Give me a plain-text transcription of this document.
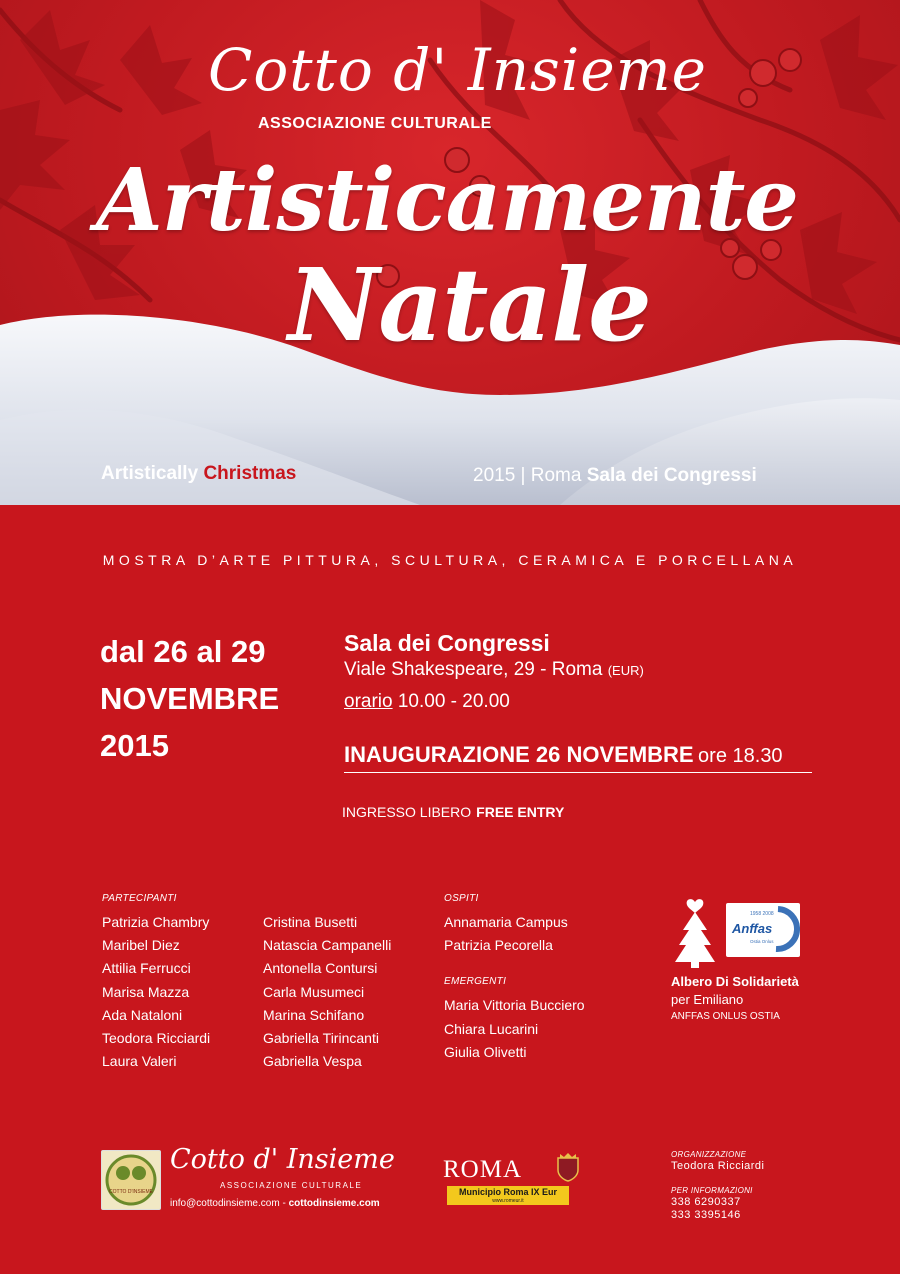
Cotto d' Insieme
ASSOCIAZIONE CULTURALE
Artisticamente
Natale
Artistically Christmas	2015 | Roma Sala dei Congressi
MOSTRA D’ARTE PITTURA, SCULTURA, CERAMICA E PORCELLANA
dal 26 al 29
NOVEMBRE
2015
Sala dei Congressi
Viale Shakespeare, 29 - Roma (EUR)
orario 10.00 - 20.00
INAUGURAZIONE 26 NOVEMBRE ore 18.30
INGRESSO LIBERO FREE ENTRY
PARTECIPANTI
Patrizia Chambry
Maribel Diez
Attilia Ferrucci
Marisa Mazza
Ada Nataloni
Teodora Ricciardi
Laura Valeri
Cristina Busetti
Natascia Campanelli
Antonella Contursi
Carla Musumeci
Marina Schifano
Gabriella Tirincanti
Gabriella Vespa
OSPITI
Annamaria Campus
Patrizia Pecorella
EMERGENTI
Maria Vittoria Bucciero
Chiara Lucarini
Giulia Olivetti
1958 2008
Anffas
Ostia Onlus
Albero Di Solidarietà
per Emiliano
ANFFAS ONLUS OSTIA
COTTO D'INSIEME
Cotto d' Insieme
ASSOCIAZIONE CULTURALE
info@cottodinsieme.com - cottodinsieme.com
ROMA
Municipio Roma IX Eur
www.romeur.it
ORGANIZZAZIONE
Teodora Ricciardi
PER INFORMAZIONI
338 6290337
333 3395146
